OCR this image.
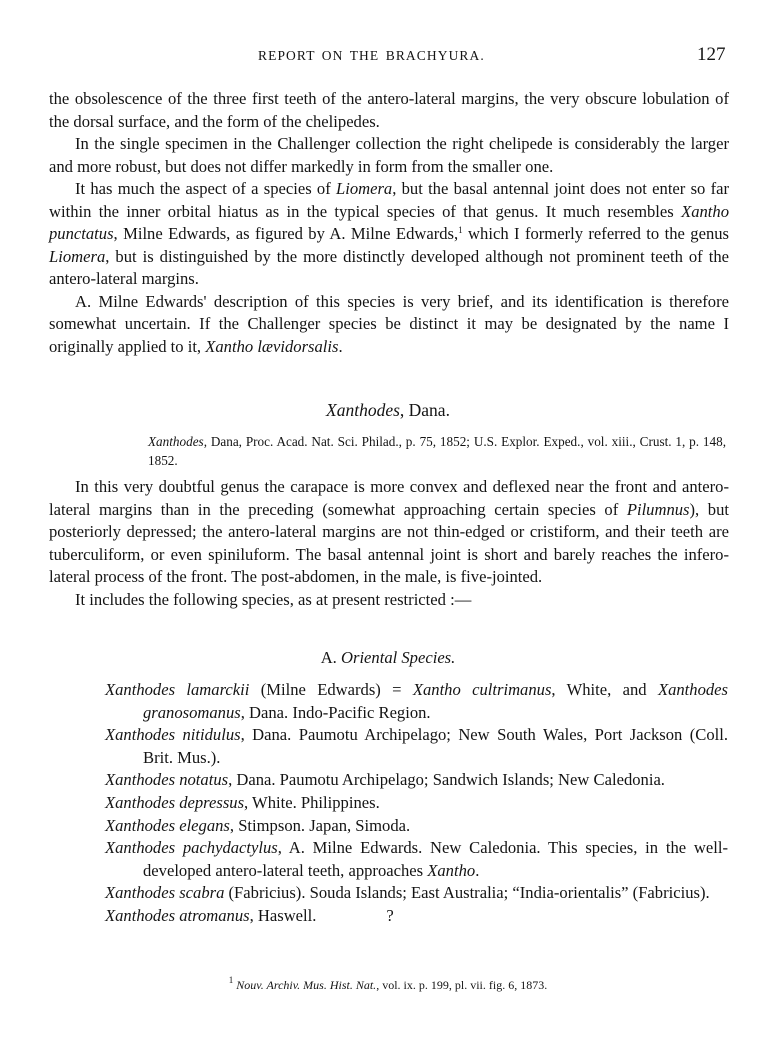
REPORT ON THE BRACHYURA.	127

the obsolescence of the three first teeth of the antero-lateral margins, the very obscure lobulation of the dorsal surface, and the form of the chelipedes.

In the single specimen in the Challenger collection the right chelipede is considerably the larger and more robust, but does not differ markedly in form from the smaller one.

It has much the aspect of a species of Liomera, but the basal antennal joint does not enter so far within the inner orbital hiatus as in the typical species of that genus. It much resembles Xantho punctatus, Milne Edwards, as figured by A. Milne Edwards,$^1$ which I formerly referred to the genus Liomera, but is distinguished by the more distinctly developed although not prominent teeth of the antero-lateral margins.

A. Milne Edwards' description of this species is very brief, and its identification is therefore somewhat uncertain. If the Challenger species be distinct it may be designated by the name I originally applied to it, Xantho lævidorsalis.

Xanthodes, Dana.
Xanthodes, Dana, Proc. Acad. Nat. Sci. Philad., p. 75, 1852; U.S. Explor. Exped., vol. xiii., Crust. 1, p. 148, 1852.

In this very doubtful genus the carapace is more convex and deflexed near the front and antero-lateral margins than in the preceding (somewhat approaching certain species of Pilumnus), but posteriorly depressed; the antero-lateral margins are not thin-edged or cristiform, and their teeth are tuberculiform, or even spiniluform. The basal antennal joint is short and barely reaches the infero-lateral process of the front. The post-abdomen, in the male, is five-jointed.

It includes the following species, as at present restricted :—

A. Oriental Species.
Xanthodes lamarckii (Milne Edwards) = Xantho cultrimanus, White, and Xanthodes granosomanus, Dana. Indo-Pacific Region.
Xanthodes nitidulus, Dana. Paumotu Archipelago; New South Wales, Port Jackson (Coll. Brit. Mus.).
Xanthodes notatus, Dana. Paumotu Archipelago; Sandwich Islands; New Caledonia.
Xanthodes depressus, White. Philippines.
Xanthodes elegans, Stimpson. Japan, Simoda.
Xanthodes pachydactylus, A. Milne Edwards. New Caledonia. This species, in the well-developed antero-lateral teeth, approaches Xantho.
Xanthodes scabra (Fabricius). Souda Islands; East Australia; “India-orientalis” (Fabricius).
Xanthodes atromanus, Haswell.	?
$^1$ Nouv. Archiv. Mus. Hist. Nat., vol. ix. p. 199, pl. vii. fig. 6, 1873.
